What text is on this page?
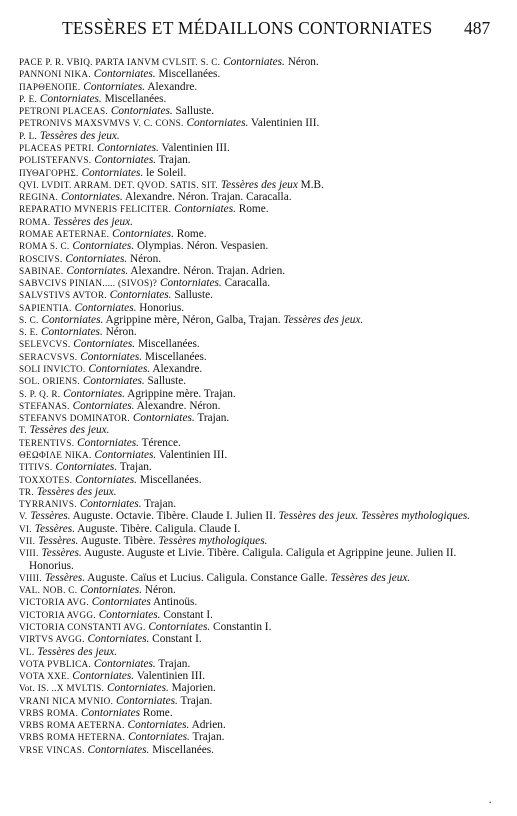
TESSÈRES ET MÉDAILLONS CONTORNIATES 487
PACE P. R. VBIQ. PARTA IANVM CVLSIT. S. C. Contorniates. Néron.
PANNONI NIKA. Contorniates. Miscellanées.
ΠΑΡΘΕΝΟΠΕ. Contorniates. Alexandre.
P. E. Contorniates. Miscellanées.
PETRONI PLACEAS. Contorniates. Salluste.
PETRONIVS MAXSVMVS V. C. CONS. Contorniates. Valentinien III.
P. L. Tessères des jeux.
PLACEAS PETRI. Contorniates. Valentinien III.
POLISTEFANVS. Contorniates. Trajan.
ΠΥΘΑΓΟΡΗΣ. Contorniates. le Soleil.
QVI. LVDIT. ARRAM. DET. QVOD. SATIS. SIT. Tessères des jeux M.B.
REGINA. Contorniates. Alexandre. Néron. Trajan. Caracalla.
REPARATIO MVNERIS FELICITER. Contorniates. Rome.
ROMA. Tessères des jeux.
ROMAE AETERNAE. Contorniates. Rome.
ROMA S. C. Contorniates. Olympias. Néron. Vespasien.
ROSCIVS. Contorniates. Néron.
SABINAE. Contorniates. Alexandre. Néron. Trajan. Adrien.
SABVCIVS PINIAN..... (SIVOS)? Contorniates. Caracalla.
SALVSTIVS AVTOR. Contorniates. Salluste.
SAPIENTIA. Contorniates. Honorius.
S. C. Contorniates. Agrippine mère, Néron, Galba, Trajan. Tessères des jeux.
S. E. Contorniates. Néron.
SELEVCVS. Contorniates. Miscellanées.
SERACVSVS. Contorniates. Miscellanées.
SOLI INVICTO. Contorniates. Alexandre.
SOL. ORIENS. Contorniates. Salluste.
S. P. Q. R. Contorniates. Agrippine mère. Trajan.
STEFANAS. Contorniates. Alexandre. Néron.
STEFANVS DOMINATOR. Contorniates. Trajan.
T. Tessères des jeux.
TERENTIVS. Contorniates. Térence.
ΘΕΩΦΙΛΕ NIKA. Contorniates. Valentinien III.
TITIVS. Contorniates. Trajan.
ΤΟΧΧΟΤΕS. Contorniates. Miscellanées.
TR. Tessères des jeux.
TYRRANIVS. Contorniates. Trajan.
V. Tessères. Auguste. Octavie. Tibère. Claude I. Julien II. Tessères des jeux. Tessères mythologiques.
VI. Tessères. Auguste. Tibère. Caligula. Claude I.
VII. Tessères. Auguste. Tibère. Tessères mythologiques.
VIII. Tessères. Auguste. Auguste et Livie. Tibère. Caligula. Caligula et Agrippine jeune. Julien II. Honorius.
VIIII. Tessères. Auguste. Caïus et Lucius. Caligula. Constance Galle. Tessères des jeux.
VAL. NOB. C. Contorniates. Néron.
VICTORIA AVG. Contorniates Antinoüs.
VICTORIA AVGG. Contorniates. Constant I.
VICTORIA CONSTANTI AVG. Contorniates. Constantin I.
VIRTVS AVGG. Contorniates. Constant I.
VL. Tessères des jeux.
VOTA PVBLICA. Contorniates. Trajan.
VOTA XXE. Contorniates. Valentinien III.
Vot. IS. ..X MVLTIS. Contorniates. Majorien.
VRANI NICA MVNIO. Contorniates. Trajan.
VRBS ROMA. Contorniates Rome.
VRBS ROMA AETERNA. Contorniates. Adrien.
VRBS ROMA HETERNA. Contorniates. Trajan.
VRSE VINCAS. Contorniates. Miscellanées.
•
